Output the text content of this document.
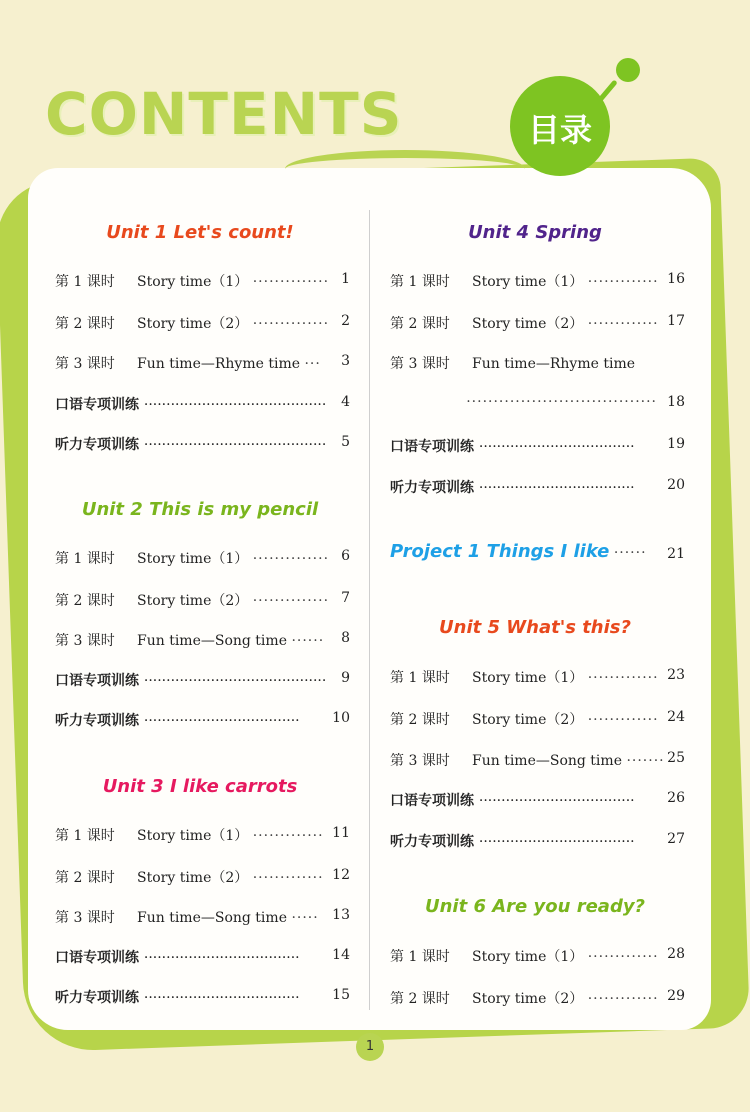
CONTENTS	目录
Unit 1 Let's count!
第 1 课时 Story time（1） ·············· 1
第 2 课时 Story time（2） ·············· 2
第 3 课时 Fun time—Rhyme time ··· 3
口语专项训练 ········································· 4
听力专项训练 ········································· 5
Unit 2 This is my pencil
第 1 课时 Story time（1） ·············· 6
第 2 课时 Story time（2） ·············· 7
第 3 课时 Fun time—Song time ······ 8
口语专项训练 ········································· 9
听力专项训练 ··································· 10
Unit 3 I like carrots
第 1 课时 Story time（1） ············· 11
第 2 课时 Story time（2） ············· 12
第 3 课时 Fun time—Song time ····· 13
口语专项训练 ··································· 14
听力专项训练 ··································· 15
Unit 4 Spring
第 1 课时 Story time（1） ············· 16
第 2 课时 Story time（2） ············· 17
第 3 课时 Fun time—Rhyme time
··································· 18
口语专项训练 ··································· 19
听力专项训练 ··································· 20
Project 1 Things I like ······ 21
Unit 5 What's this?
第 1 课时 Story time（1） ············· 23
第 2 课时 Story time（2） ············· 24
第 3 课时 Fun time—Song time ······· 25
口语专项训练 ··································· 26
听力专项训练 ··································· 27
Unit 6 Are you ready?
第 1 课时 Story time（1） ············· 28
第 2 课时 Story time（2） ············· 29
1
